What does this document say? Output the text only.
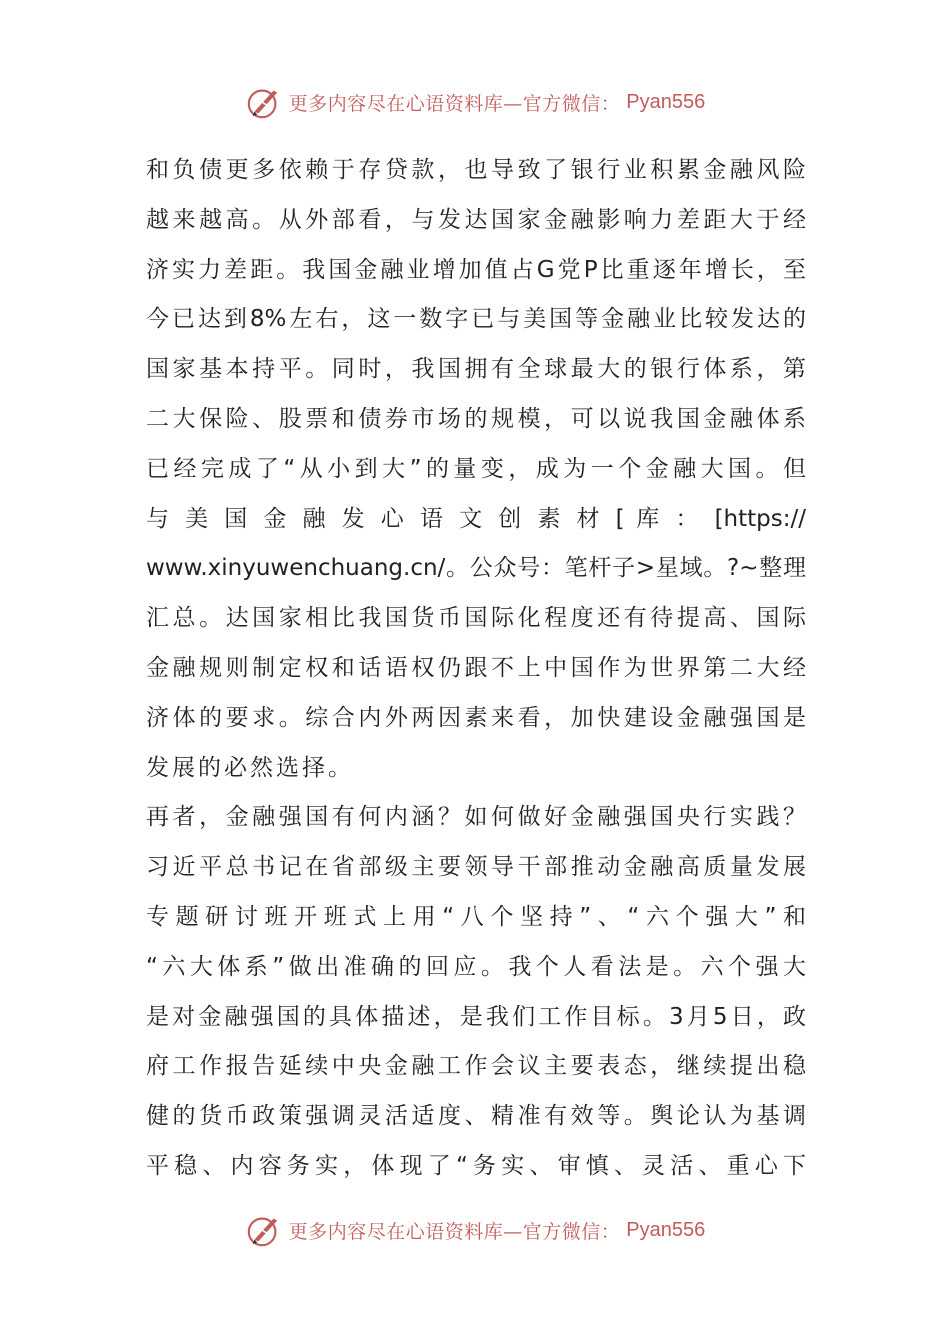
更多内容尽在心语资料库—官方微信： Pyan556
和负债更多依赖于存贷款，也导致了银行业积累金融风险
越来越高。从外部看，与发达国家金融影响力差距大于经
济实力差距。我国金融业增加值占G党P比重逐年增长，至
今已达到8%左右，这一数字已与美国等金融业比较发达的
国家基本持平。同时，我国拥有全球最大的银行体系，第
二大保险、股票和债券市场的规模，可以说我国金融体系
已经完成了“从小到大”的量变，成为一个金融大国。但
与 美 国 金 融 发 心 语 文 创 素 材 [ 库 ： [https://
www.xinyuwenchuang.cn/。公众号：笔杆子>星域。?~整理
汇总。达国家相比我国货币国际化程度还有待提高、国际
金融规则制定权和话语权仍跟不上中国作为世界第二大经
济体的要求。综合内外两因素来看，加快建设金融强国是
发展的必然选择。
再者，金融强国有何内涵？如何做好金融强国央行实践？
习近平总书记在省部级主要领导干部推动金融高质量发展
专题研讨班开班式上用“八个坚持”、“六个强大”和
“六大体系”做出准确的回应。我个人看法是。六个强大
是对金融强国的具体描述，是我们工作目标。3月5日，政
府工作报告延续中央金融工作会议主要表态，继续提出稳
健的货币政策强调灵活适度、精准有效等。舆论认为基调
平稳、内容务实，体现了“务实、审慎、灵活、重心下
更多内容尽在心语资料库—官方微信： Pyan556
